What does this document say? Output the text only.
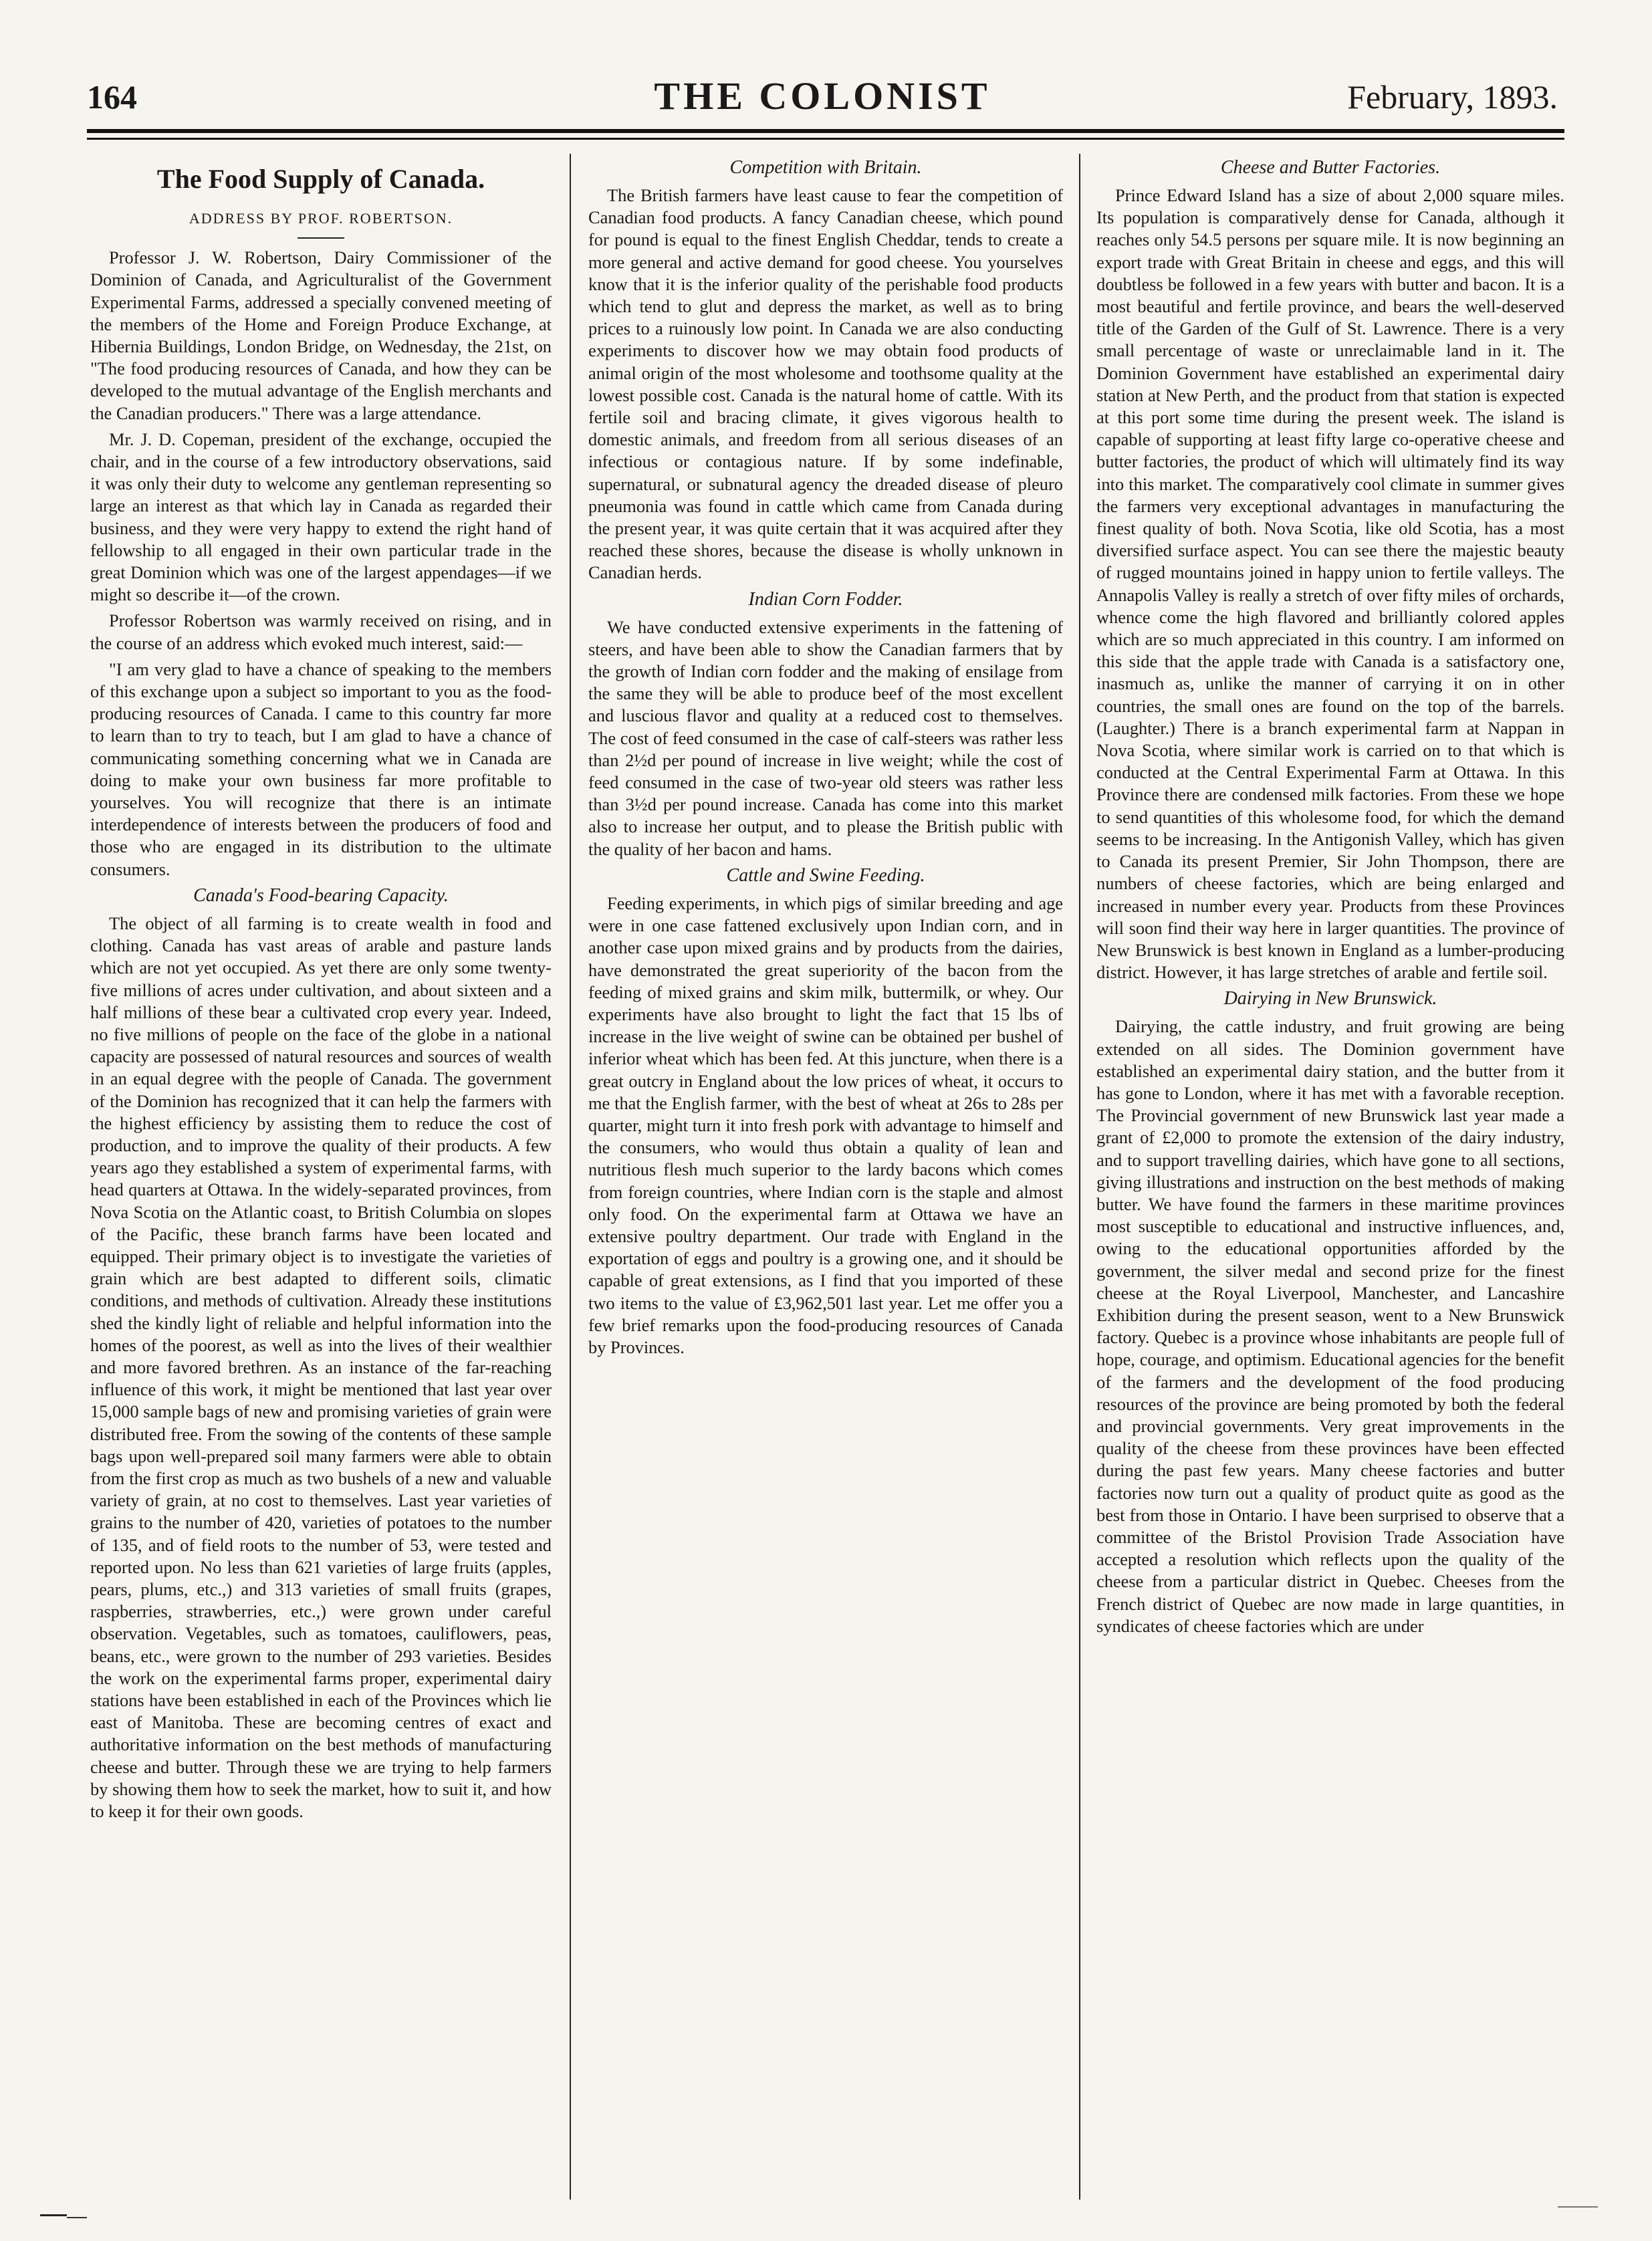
164	THE COLONIST	February, 1893.
The Food Supply of Canada.
ADDRESS BY PROF. ROBERTSON.

Professor J. W. Robertson, Dairy Commissioner of the Dominion of Canada, and Agriculturalist of the Government Experimental Farms, addressed a specially convened meeting of the members of the Home and Foreign Produce Exchange, at Hibernia Buildings, London Bridge, on Wednesday, the 21st, on "The food producing resources of Canada, and how they can be developed to the mutual advantage of the English merchants and the Canadian producers." There was a large attendance.

Mr. J. D. Copeman, president of the exchange, occupied the chair, and in the course of a few introductory observations, said it was only their duty to welcome any gentleman representing so large an interest as that which lay in Canada as regarded their business, and they were very happy to extend the right hand of fellowship to all engaged in their own particular trade in the great Dominion which was one of the largest appendages—if we might so describe it—of the crown.

Professor Robertson was warmly received on rising, and in the course of an address which evoked much interest, said:—

"I am very glad to have a chance of speaking to the members of this exchange upon a subject so important to you as the food-producing resources of Canada. I came to this country far more to learn than to try to teach, but I am glad to have a chance of communicating something concerning what we in Canada are doing to make your own business far more profitable to yourselves. You will recognize that there is an intimate interdependence of interests between the producers of food and those who are engaged in its distribution to the ultimate consumers.

Canada's Food-bearing Capacity.

The object of all farming is to create wealth in food and clothing. Canada has vast areas of arable and pasture lands which are not yet occupied. As yet there are only some twenty-five millions of acres under cultivation, and about sixteen and a half millions of these bear a cultivated crop every year. Indeed, no five millions of people on the face of the globe in a national capacity are possessed of natural resources and sources of wealth in an equal degree with the people of Canada. The government of the Dominion has recognized that it can help the farmers with the highest efficiency by assisting them to reduce the cost of production, and to improve the quality of their products. A few years ago they established a system of experimental farms, with head quarters at Ottawa. In the widely-separated provinces, from Nova Scotia on the Atlantic coast, to British Columbia on slopes of the Pacific, these branch farms have been located and equipped. Their primary object is to investigate the varieties of grain which are best adapted to different soils, climatic conditions, and methods of cultivation. Already these institutions shed the kindly light of reliable and helpful information into the homes of the poorest, as well as into the lives of their wealthier and more favored brethren. As an instance of the far-reaching influence of this work, it might be mentioned that last year over 15,000 sample bags of new and promising varieties of grain were distributed free. From the sowing of the contents of these sample bags upon well-prepared soil many farmers were able to obtain from the first crop as much as two bushels of a new and valuable variety of grain, at no cost to themselves. Last year varieties of grains to the number of 420, varieties of potatoes to the number of 135, and of field roots to the number of 53, were tested and reported upon. No less than 621 varieties of large fruits (apples, pears, plums, etc.,) and 313 varieties of small fruits (grapes, raspberries, strawberries, etc.,) were grown under careful observation. Vegetables, such as tomatoes, cauliflowers, peas, beans, etc., were grown to the number of 293 varieties. Besides the work on the experimental farms proper, experimental dairy stations have been established in each of the Provinces which lie east of Manitoba. These are becoming centres of exact and authoritative information on the best methods of manufacturing cheese and butter. Through these we are trying to help farmers by showing them how to seek the market, how to suit it, and how to keep it for their own goods.

Competition with Britain.

The British farmers have least cause to fear the competition of Canadian food products. A fancy Canadian cheese, which pound for pound is equal to the finest English Cheddar, tends to create a more general and active demand for good cheese. You yourselves know that it is the inferior quality of the perishable food products which tend to glut and depress the market, as well as to bring prices to a ruinously low point. In Canada we are also conducting experiments to discover how we may obtain food products of animal origin of the most wholesome and toothsome quality at the lowest possible cost. Canada is the natural home of cattle. With its fertile soil and bracing climate, it gives vigorous health to domestic animals, and freedom from all serious diseases of an infectious or contagious nature. If by some indefinable, supernatural, or subnatural agency the dreaded disease of pleuro pneumonia was found in cattle which came from Canada during the present year, it was quite certain that it was acquired after they reached these shores, because the disease is wholly unknown in Canadian herds.

Indian Corn Fodder.

We have conducted extensive experiments in the fattening of steers, and have been able to show the Canadian farmers that by the growth of Indian corn fodder and the making of ensilage from the same they will be able to produce beef of the most excellent and luscious flavor and quality at a reduced cost to themselves. The cost of feed consumed in the case of calf-steers was rather less than 2½d per pound of increase in live weight; while the cost of feed consumed in the case of two-year old steers was rather less than 3½d per pound increase. Canada has come into this market also to increase her output, and to please the British public with the quality of her bacon and hams.

Cattle and Swine Feeding.

Feeding experiments, in which pigs of similar breeding and age were in one case fattened exclusively upon Indian corn, and in another case upon mixed grains and by products from the dairies, have demonstrated the great superiority of the bacon from the feeding of mixed grains and skim milk, buttermilk, or whey. Our experiments have also brought to light the fact that 15 lbs of increase in the live weight of swine can be obtained per bushel of inferior wheat which has been fed. At this juncture, when there is a great outcry in England about the low prices of wheat, it occurs to me that the English farmer, with the best of wheat at 26s to 28s per quarter, might turn it into fresh pork with advantage to himself and the consumers, who would thus obtain a quality of lean and nutritious flesh much superior to the lardy bacons which comes from foreign countries, where Indian corn is the staple and almost only food. On the experimental farm at Ottawa we have an extensive poultry department. Our trade with England in the exportation of eggs and poultry is a growing one, and it should be capable of great extensions, as I find that you imported of these two items to the value of £3,962,501 last year. Let me offer you a few brief remarks upon the food-producing resources of Canada by Provinces.

Cheese and Butter Factories.

Prince Edward Island has a size of about 2,000 square miles. Its population is comparatively dense for Canada, although it reaches only 54.5 persons per square mile. It is now beginning an export trade with Great Britain in cheese and eggs, and this will doubtless be followed in a few years with butter and bacon. It is a most beautiful and fertile province, and bears the well-deserved title of the Garden of the Gulf of St. Lawrence. There is a very small percentage of waste or unreclaimable land in it. The Dominion Government have established an experimental dairy station at New Perth, and the product from that station is expected at this port some time during the present week. The island is capable of supporting at least fifty large co-operative cheese and butter factories, the product of which will ultimately find its way into this market. The comparatively cool climate in summer gives the farmers very exceptional advantages in manufacturing the finest quality of both. Nova Scotia, like old Scotia, has a most diversified surface aspect. You can see there the majestic beauty of rugged mountains joined in happy union to fertile valleys. The Annapolis Valley is really a stretch of over fifty miles of orchards, whence come the high flavored and brilliantly colored apples which are so much appreciated in this country. I am informed on this side that the apple trade with Canada is a satisfactory one, inasmuch as, unlike the manner of carrying it on in other countries, the small ones are found on the top of the barrels. (Laughter.) There is a branch experimental farm at Nappan in Nova Scotia, where similar work is carried on to that which is conducted at the Central Experimental Farm at Ottawa. In this Province there are condensed milk factories. From these we hope to send quantities of this wholesome food, for which the demand seems to be increasing. In the Antigonish Valley, which has given to Canada its present Premier, Sir John Thompson, there are numbers of cheese factories, which are being enlarged and increased in number every year. Products from these Provinces will soon find their way here in larger quantities. The province of New Brunswick is best known in England as a lumber-producing district. However, it has large stretches of arable and fertile soil.

Dairying in New Brunswick.

Dairying, the cattle industry, and fruit growing are being extended on all sides. The Dominion government have established an experimental dairy station, and the butter from it has gone to London, where it has met with a favorable reception. The Provincial government of new Brunswick last year made a grant of £2,000 to promote the extension of the dairy industry, and to support travelling dairies, which have gone to all sections, giving illustrations and instruction on the best methods of making butter. We have found the farmers in these maritime provinces most susceptible to educational and instructive influences, and, owing to the educational opportunities afforded by the government, the silver medal and second prize for the finest cheese at the Royal Liverpool, Manchester, and Lancashire Exhibition during the present season, went to a New Brunswick factory. Quebec is a province whose inhabitants are people full of hope, courage, and optimism. Educational agencies for the benefit of the farmers and the development of the food producing resources of the province are being promoted by both the federal and provincial governments. Very great improvements in the quality of the cheese from these provinces have been effected during the past few years. Many cheese factories and butter factories now turn out a quality of product quite as good as the best from those in Ontario. I have been surprised to observe that a committee of the Bristol Provision Trade Association have accepted a resolution which reflects upon the quality of the cheese from a particular district in Quebec. Cheeses from the French district of Quebec are now made in large quantities, in syndicates of cheese factories which are under
